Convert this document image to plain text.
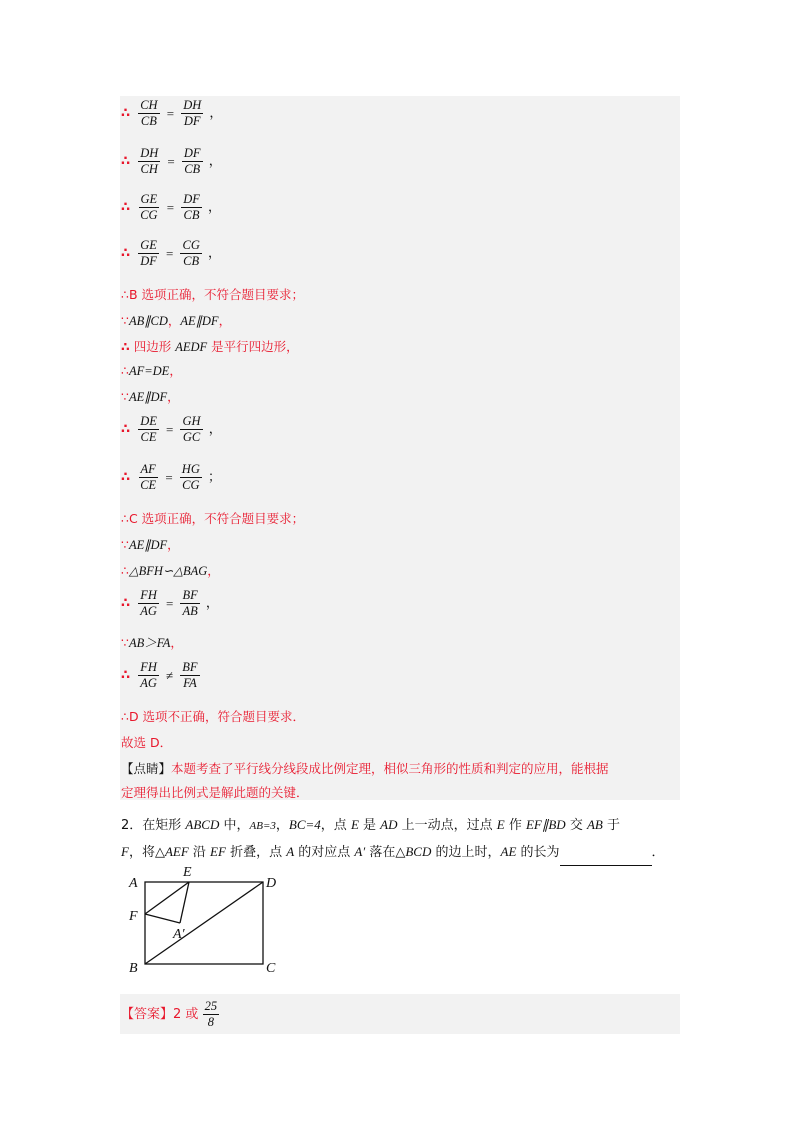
∴ $\frac{CH}{CB} = \frac{DH}{DF}$ ，
∴ $\frac{DH}{CH} = \frac{DF}{CB}$ ，
∴ $\frac{GE}{CG} = \frac{DF}{CB}$ ，
∴ $\frac{GE}{DF} = \frac{CG}{CB}$ ，
∴B 选项正确，不符合题目要求；
∵AB∥CD，AE∥DF，
∴ 四边形 AEDF 是平行四边形，
∴AF=DE，
∵AE∥DF，
∴ $\frac{DE}{CE} = \frac{GH}{GC}$ ，
∴ $\frac{AF}{CE} = \frac{HG}{CG}$ ；
∴C 选项正确，不符合题目要求；
∵AE∥DF，
∴△BFH∽△BAG，
∴ $\frac{FH}{AG} = \frac{BF}{AB}$ ，
∵AB＞FA，
∴ $\frac{FH}{AG} \ne \frac{BF}{FA}$
∴D 选项不正确，符合题目要求．
故选 D．
【点睛】本题考查了平行线分线段成比例定理，相似三角形的性质和判定的应用，能根据
定理得出比例式是解此题的关键．
2．在矩形 ABCD 中，AB=3，BC=4，点 E 是 AD 上一动点，过点 E 作 EF∥BD 交 AB 于
F，将△AEF 沿 EF 折叠，点 A 的对应点 A′ 落在△BCD 的边上时，AE 的长为	．
A
E
D
F
A′
B	C
【答案】2 或 $\frac{25}{8}$
